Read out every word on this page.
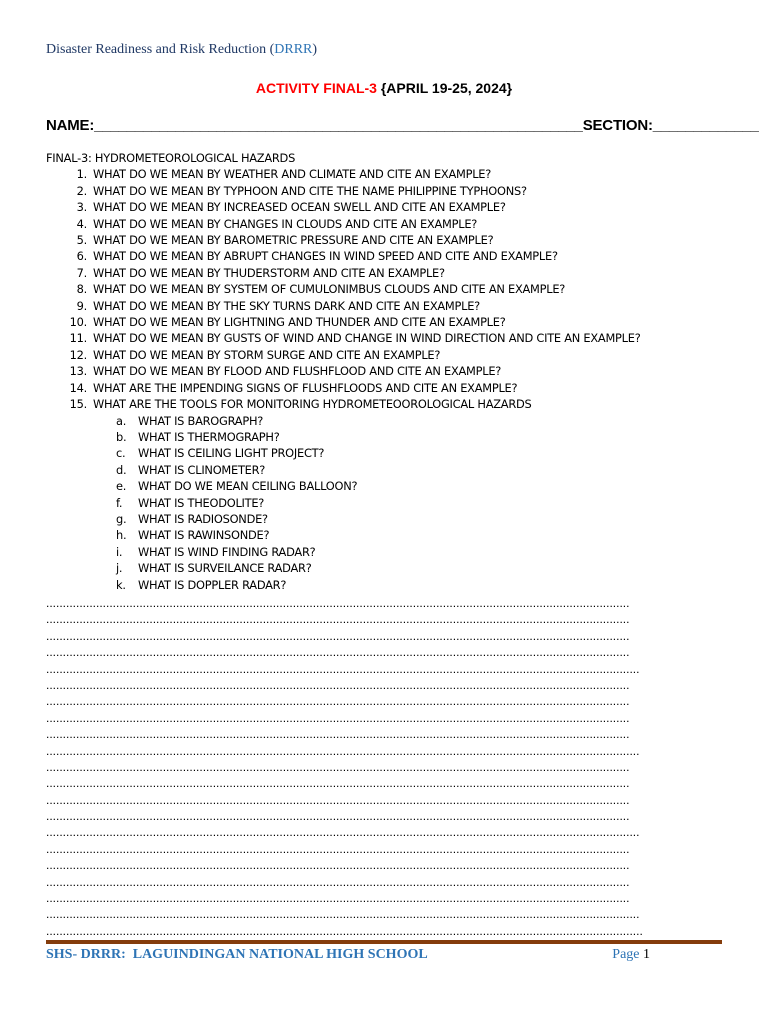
Disaster Readiness and Risk Reduction (DRRR)
ACTIVITY FINAL-3 {APRIL 19-25, 2024}
NAME:____________________________________________________________SECTION:_____________

FINAL-3: HYDROMETEOROLOGICAL HAZARDS

1. WHAT DO WE MEAN BY WEATHER AND CLIMATE AND CITE AN EXAMPLE?
2. WHAT DO WE MEAN BY TYPHOON AND CITE THE NAME PHILIPPINE TYPHOONS?
3. WHAT DO WE MEAN BY INCREASED OCEAN SWELL AND CITE AN EXAMPLE?
4. WHAT DO WE MEAN BY CHANGES IN CLOUDS AND CITE AN EXAMPLE?
5. WHAT DO WE MEAN BY BAROMETRIC PRESSURE AND CITE AN EXAMPLE?
6. WHAT DO WE MEAN BY ABRUPT CHANGES IN WIND SPEED AND CITE AND EXAMPLE?
7. WHAT DO WE MEAN BY THUDERSTORM AND CITE AN EXAMPLE?
8. WHAT DO WE MEAN BY SYSTEM OF CUMULONIMBUS CLOUDS AND CITE AN EXAMPLE?
9. WHAT DO WE MEAN BY THE SKY TURNS DARK AND CITE AN EXAMPLE?
10. WHAT DO WE MEAN BY LIGHTNING AND THUNDER AND CITE AN EXAMPLE?
11. WHAT DO WE MEAN BY GUSTS OF WIND AND CHANGE IN WIND DIRECTION AND CITE AN EXAMPLE?
12. WHAT DO WE MEAN BY STORM SURGE AND CITE AN EXAMPLE?
13. WHAT DO WE MEAN BY FLOOD AND FLUSHFLOOD AND CITE AN EXAMPLE?
14. WHAT ARE THE IMPENDING SIGNS OF FLUSHFLOODS AND CITE AN EXAMPLE?
15. WHAT ARE THE TOOLS FOR MONITORING HYDROMETEOOROLOGICAL HAZARDS
a.	WHAT IS BAROGRAPH?
b.	WHAT IS THERMOGRAPH?
c.	WHAT IS CEILING LIGHT PROJECT?
d.	WHAT IS CLINOMETER?
e.	WHAT DO WE MEAN CEILING BALLOON?
f.	WHAT IS THEODOLITE?
g.	WHAT IS RADIOSONDE?
h.	WHAT IS RAWINSONDE?
i.	WHAT IS WIND FINDING RADAR?
j.	WHAT IS SURVEILANCE RADAR?
k.	WHAT IS DOPPLER RADAR?
...............................................................................................................................................................................
...............................................................................................................................................................................
...............................................................................................................................................................................
...............................................................................................................................................................................
..................................................................................................................................................................................
...............................................................................................................................................................................
...............................................................................................................................................................................
...............................................................................................................................................................................
...............................................................................................................................................................................
..................................................................................................................................................................................
...............................................................................................................................................................................
...............................................................................................................................................................................
...............................................................................................................................................................................
...............................................................................................................................................................................
..................................................................................................................................................................................
...............................................................................................................................................................................
...............................................................................................................................................................................
...............................................................................................................................................................................
...............................................................................................................................................................................
..................................................................................................................................................................................
...................................................................................................................................................................................
SHS- DRRR: LAGUINDINGAN NATIONAL HIGH SCHOOL	Page 1
